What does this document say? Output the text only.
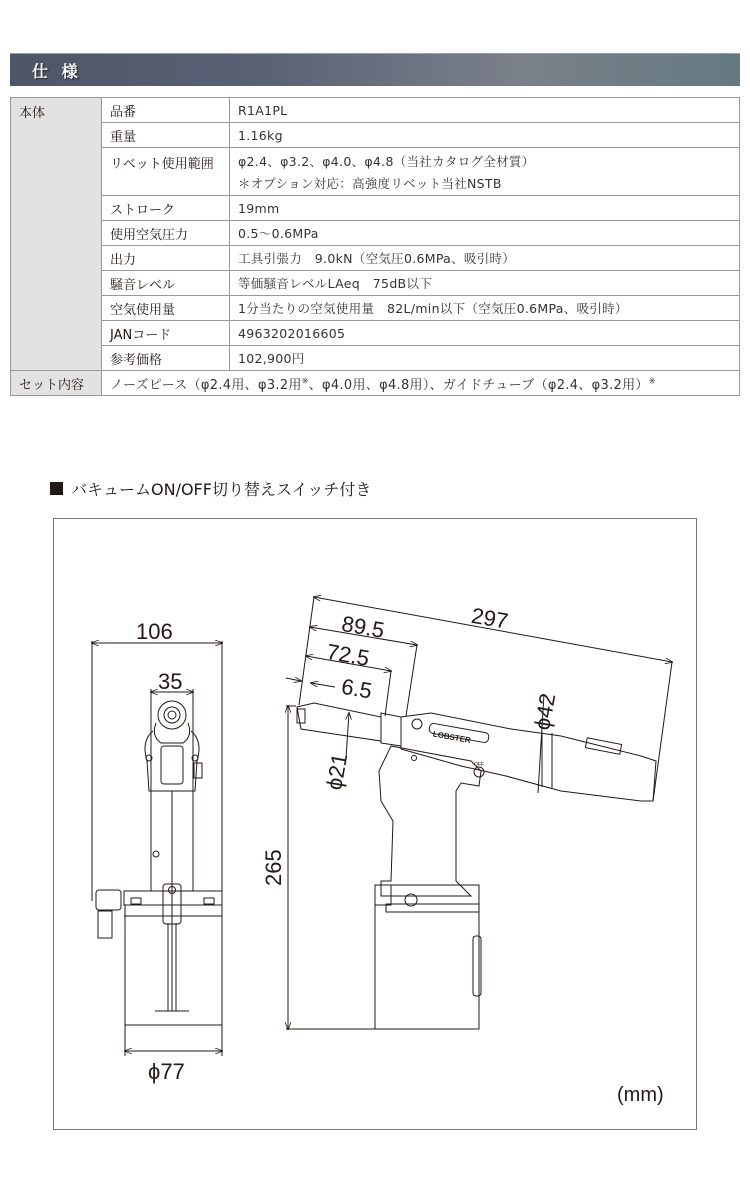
仕 様
本体	品番	R1A1PL
	重量	1.16kg
	リベット使用範囲	φ2.4、φ3.2、φ4.0、φ4.8（当社カタログ全材質）
＊オプション対応：高強度リベット当社NSTB

	ストローク	19mm
	使用空気圧力	0.5〜0.6MPa
	出力	工具引張力　9.0kN（空気圧0.6MPa、吸引時）
	騒音レベル	等価騒音レベルLAeq　75dB以下
	空気使用量	1分当たりの空気使用量　82L/min以下（空気圧0.6MPa、吸引時）
	JANコード	4963202016605
	参考価格	102,900円
セット内容	ノーズピース（φ2.4用、φ3.2用※、φ4.0用、φ4.8用）、ガイドチューブ（φ2.4、φ3.2用）※
バキュームON/OFF切り替えスイッチ付き
106
35
ϕ77
297
89.5
72.5
6.5
ϕ21
ϕ42
265
LOBSTER
OFF
(mm)
